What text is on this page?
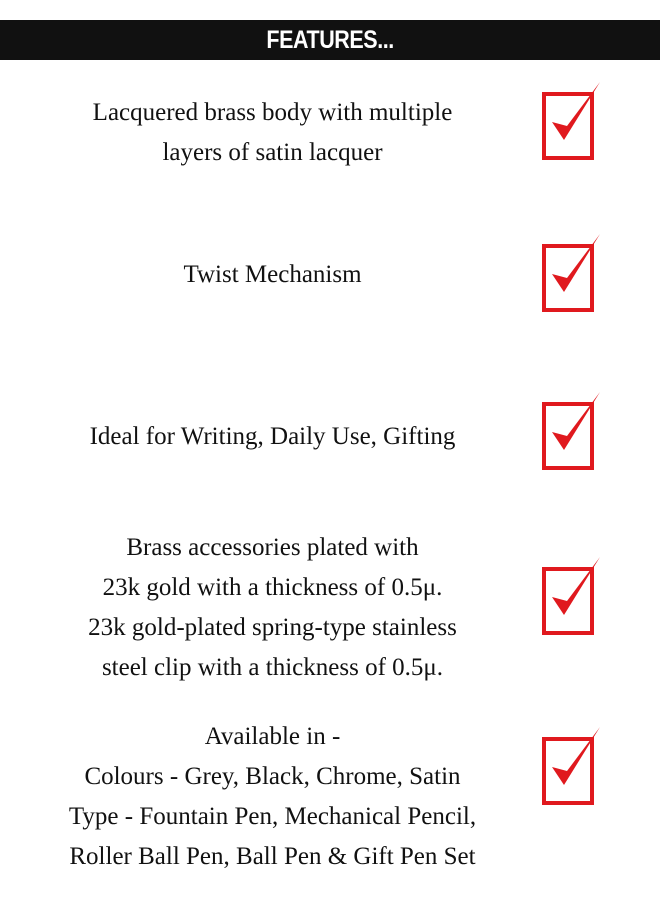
FEATURES...
Lacquered brass body with multiple
layers of satin lacquer
Twist Mechanism
Ideal for Writing, Daily Use, Gifting
Brass accessories plated with
23k gold with a thickness of 0.5μ.
23k gold-plated spring-type stainless
steel clip with a thickness of 0.5μ.
Available in -
Colours - Grey, Black, Chrome, Satin
Type - Fountain Pen, Mechanical Pencil,
Roller Ball Pen, Ball Pen & Gift Pen Set
